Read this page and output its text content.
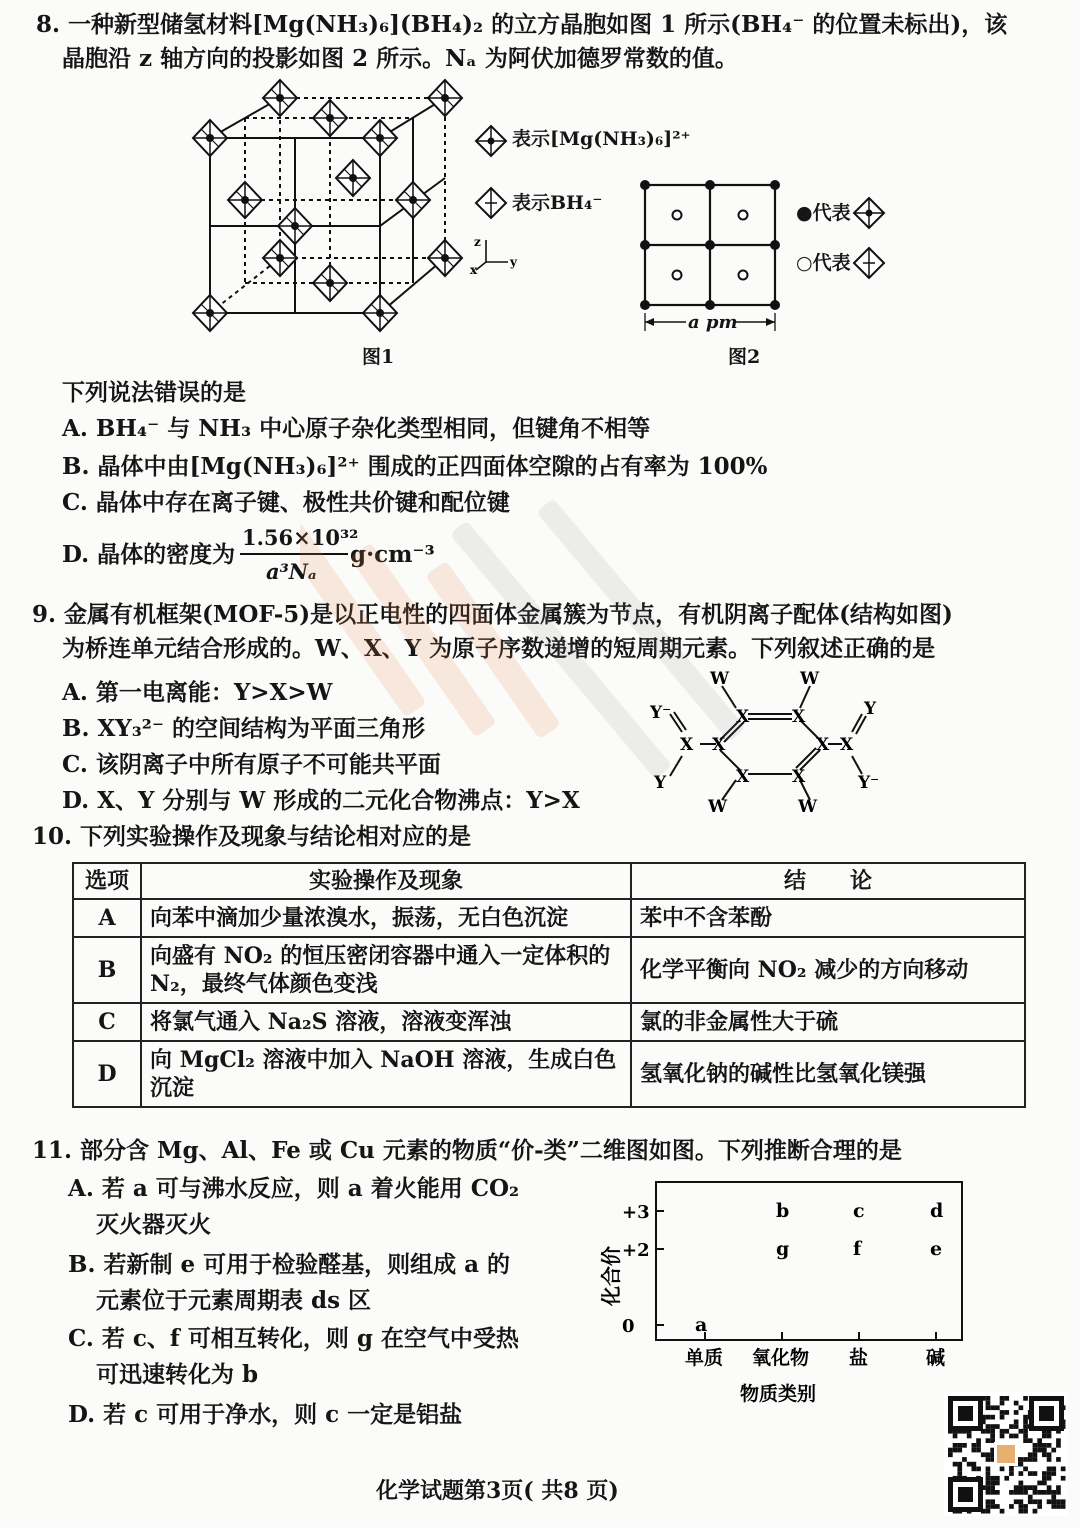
8. 一种新型储氢材料[Mg(NH₃)₆](BH₄)₂ 的立方晶胞如图 1 所示(BH₄⁻ 的位置未标出)，该
晶胞沿 z 轴方向的投影如图 2 所示。Nₐ 为阿伏加德罗常数的值。
图1
表示[Mg(NH₃)₆]²⁺
表示BH₄⁻
z
x
y
a pm
图2
●代表
○代表
下列说法错误的是
A. BH₄⁻ 与 NH₃ 中心原子杂化类型相同，但键角不相等
B. 晶体中由[Mg(NH₃)₆]²⁺ 围成的正四面体空隙的占有率为 100%
C. 晶体中存在离子键、极性共价键和配位键
D. 晶体的密度为
1.56×10³²
a³Nₐ
g·cm⁻³
9. 金属有机框架(MOF-5)是以正电性的四面体金属簇为节点，有机阴离子配体(结构如图)
为桥连单元结合形成的。W、X、Y 为原子序数递增的短周期元素。下列叙述正确的是
A. 第一电离能：Y>X>W
B. XY₃²⁻ 的空间结构为平面三角形
C. 该阴离子中所有原子不可能共平面
D. X、Y 分别与 W 形成的二元化合物沸点：Y>X
X	X
X
X
X
X
X	X
Y⁻
Y
Y
Y⁻
W	W
W	W
10. 下列实验操作及现象与结论相对应的是
选项	实验操作及现象	结　　论
A	向苯中滴加少量浓溴水，振荡，无白色沉淀	苯中不含苯酚
B	向盛有 NO₂ 的恒压密闭容器中通入一定体积的 N₂，最终气体颜色变浅	化学平衡向 NO₂ 减少的方向移动
C	将氯气通入 Na₂S 溶液，溶液变浑浊	氯的非金属性大于硫
D	向 MgCl₂ 溶液中加入 NaOH 溶液，生成白色沉淀	氢氧化钠的碱性比氢氧化镁强
11. 部分含 Mg、Al、Fe 或 Cu 元素的物质“价-类”二维图如图。下列推断合理的是
A. 若 a 可与沸水反应，则 a 着火能用 CO₂
灭火器灭火
B. 若新制 e 可用于检验醛基，则组成 a 的
元素位于元素周期表 ds 区
C. 若 c、f 可相互转化，则 g 在空气中受热
可迅速转化为 b
D. 若 c 可用于净水，则 c 一定是铝盐
化合价
物质类别
+3
+2
0
单质 氧化物 盐	碱
a
b
g
c
f
d
e
化学试题第3页( 共8 页)
